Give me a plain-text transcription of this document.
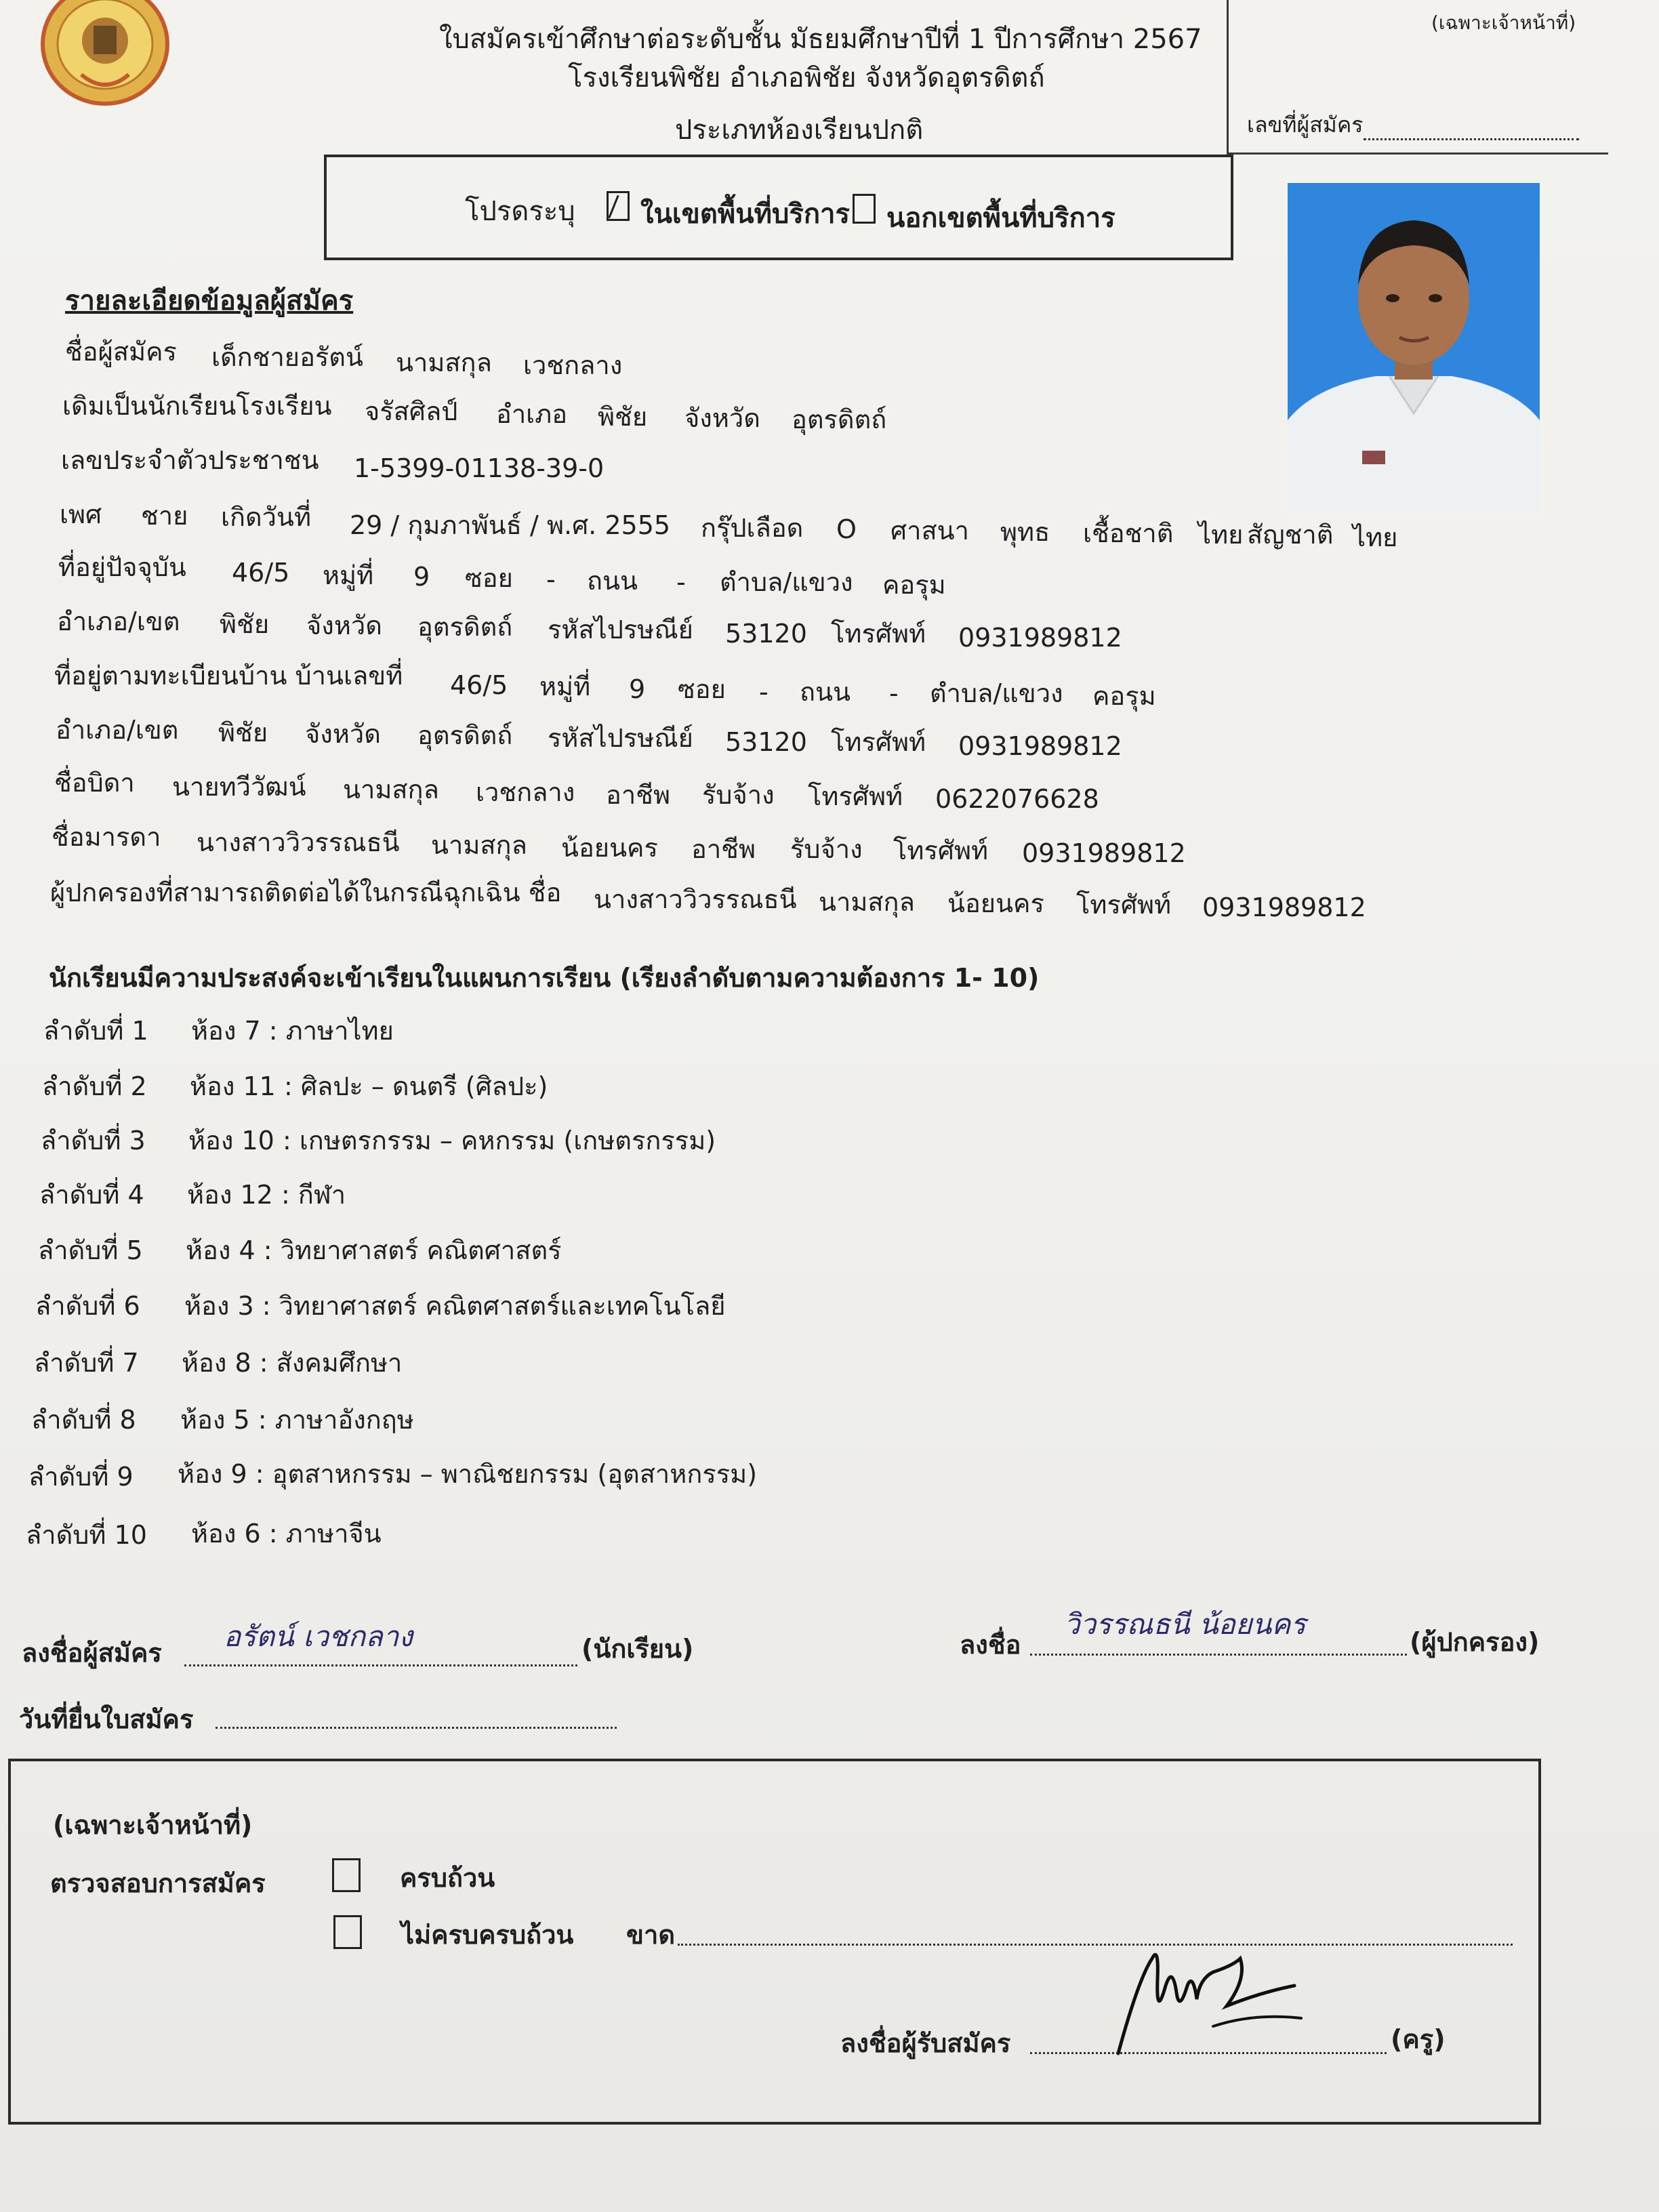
ใบสมัครเข้าศึกษาต่อระดับชั้น มัธยมศึกษาปีที่ 1 ปีการศึกษา 2567
โรงเรียนพิชัย อำเภอพิชัย จังหวัดอุตรดิตถ์
ประเภทห้องเรียนปกติ
(เฉพาะเจ้าหน้าที่)
เลขที่ผู้สมัคร
โปรดระบุ ในเขตพื้นที่บริการ นอกเขตพื้นที่บริการ
รายละเอียดข้อมูลผู้สมัคร
ชื่อผู้สมัคร เด็กชายอรัตน์ นามสกุล เวชกลาง
เดิมเป็นนักเรียนโรงเรียน จรัสศิลป์ อำเภอ พิชัย จังหวัด อุตรดิตถ์
เลขประจำตัวประชาชน 1-5399-01138-39-0
เพศ ชาย เกิดวันที่ 29 / กุมภาพันธ์ / พ.ศ. 2555 กรุ๊ปเลือด O ศาสนา พุทธ เชื้อชาติ ไทย สัญชาติ ไทย
ที่อยู่ปัจจุบัน 46/5 หมู่ที่ 9 ซอย - ถนน - ตำบล/แขวง คอรุม
อำเภอ/เขต พิชัย จังหวัด อุตรดิตถ์ รหัสไปรษณีย์ 53120 โทรศัพท์ 0931989812
ที่อยู่ตามทะเบียนบ้าน บ้านเลขที่ 46/5 หมู่ที่ 9 ซอย - ถนน - ตำบล/แขวง คอรุม
อำเภอ/เขต พิชัย จังหวัด อุตรดิตถ์ รหัสไปรษณีย์ 53120 โทรศัพท์ 0931989812
ชื่อบิดา นายทวีวัฒน์ นามสกุล เวชกลาง อาชีพ รับจ้าง โทรศัพท์ 0622076628
ชื่อมารดา นางสาววิวรรณธนี นามสกุล น้อยนคร อาชีพ รับจ้าง โทรศัพท์ 0931989812
ผู้ปกครองที่สามารถติดต่อได้ในกรณีฉุกเฉิน ชื่อ นางสาววิวรรณธนี นามสกุล น้อยนคร โทรศัพท์ 0931989812
นักเรียนมีความประสงค์จะเข้าเรียนในแผนการเรียน (เรียงลำดับตามความต้องการ 1- 10)
ลำดับที่ 1 ห้อง 7 : ภาษาไทย
ลำดับที่ 2 ห้อง 11 : ศิลปะ – ดนตรี (ศิลปะ)
ลำดับที่ 3 ห้อง 10 : เกษตรกรรม – คหกรรม (เกษตรกรรม)
ลำดับที่ 4 ห้อง 12 : กีฬา
ลำดับที่ 5 ห้อง 4 : วิทยาศาสตร์ คณิตศาสตร์
ลำดับที่ 6 ห้อง 3 : วิทยาศาสตร์ คณิตศาสตร์และเทคโนโลยี
ลำดับที่ 7 ห้อง 8 : สังคมศึกษา
ลำดับที่ 8 ห้อง 5 : ภาษาอังกฤษ
ลำดับที่ 9 ห้อง 9 : อุตสาหกรรม – พาณิชยกรรม (อุตสาหกรรม)
ลำดับที่ 10 ห้อง 6 : ภาษาจีน
ลงชื่อผู้สมัคร อรัตน์ เวชกลาง	(นักเรียน)	ลงชื่อ
วิวรรณธนี น้อยนคร
(ผู้ปกครอง)
วันที่ยื่นใบสมัคร
(เฉพาะเจ้าหน้าที่)
ตรวจสอบการสมัคร	ครบถ้วน
ไม่ครบครบถ้วน ขาด
ลงชื่อผู้รับสมัคร	(ครู)
